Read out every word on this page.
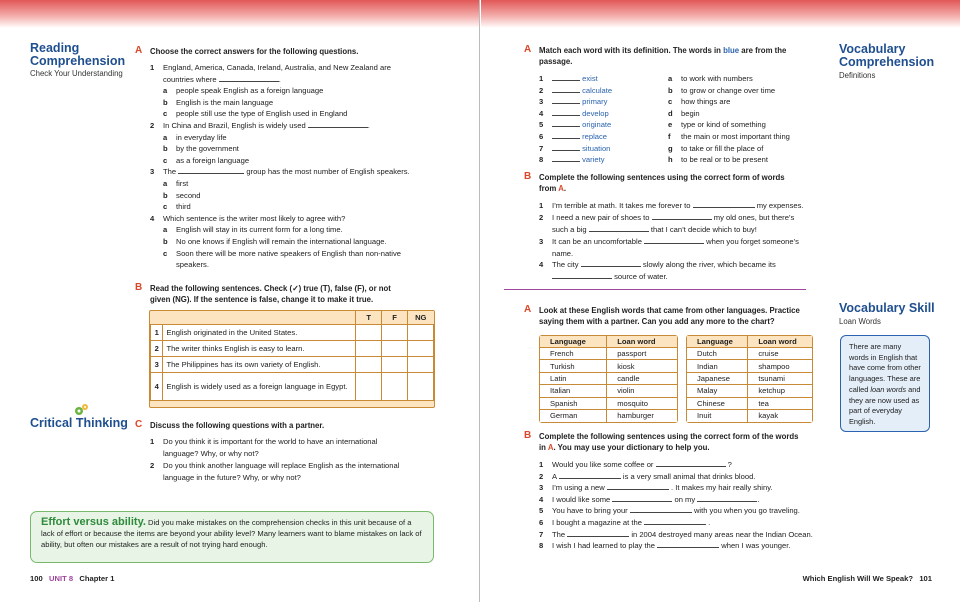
Reading
Comprehension
Check Your Understanding
A Choose the correct answers for the following questions.
1 England, America, Canada, Ireland, Australia, and New Zealand are
countries where	.
a people speak English as a foreign language
b English is the main language
c people still use the type of English used in England
2 In China and Brazil, English is widely used	.
a in everyday life
b by the government
c as a foreign language
3 The	group has the most number of English speakers.
a first
b second
c third
4 Which sentence is the writer most likely to agree with?
a English will stay in its current form for a long time.
b No one knows if English will remain the international language.
c Soon there will be more native speakers of English than non-native
speakers.
B Read the following sentences. Check (✓) true (T), false (F), or not
given (NG). If the sentence is false, change it to make it true.
		T	F	NG
1	English originated in the United States.			
2	The writer thinks English is easy to learn.			
3	The Philippines has its own variety of English.			
4	English is widely used as a foreign language in Egypt.			
Critical Thinking C Discuss the following questions with a partner.
1 Do you think it is important for the world to have an international
language? Why, or why not?
2 Do you think another language will replace English as the international
language in the future? Why, or why not?
Effort versus ability. Did you make mistakes on the comprehension checks in this unit because of a lack of effort or because the items are beyond your ability level? Many learners want to blame mistakes on lack of ability, but often our mistakes are a result of not trying hard enough.
100 UNIT 8 Chapter 1
Vocabulary
Comprehension
Definitions
A Match each word with its definition. The words in blue are from the
passage.
1	exist	a to work with numbers
2	calculate	b to grow or change over time
3	primary	c how things are
4	develop	d begin
5	originate	e type or kind of something
6	replace	f the main or most important thing
7	situation	g to take or fill the place of
8	variety	h to be real or to be present
B Complete the following sentences using the correct form of words
from A.
1 I’m terrible at math. It takes me forever to	my expenses.
2 I need a new pair of shoes to	my old ones, but there’s
such a big	that I can’t decide which to buy!
3 It can be an uncomfortable	when you forget someone’s
name.
4 The city	slowly along the river, which became its
source of water.
Vocabulary Skill
Loan Words
A Look at these English words that came from other languages. Practice
saying them with a partner. Can you add any more to the chart?
Language	Loan word
French	passport
Turkish	kiosk
Latin	candle
Italian	violin
Spanish	mosquito
German	hamburger
Language	Loan word
Dutch	cruise
Indian	shampoo
Japanese	tsunami
Malay	ketchup
Chinese	tea
Inuit	kayak
There are many words in English that have come from other languages. These are called loan words and they are now used as part of everyday English.
B Complete the following sentences using the correct form of the words
in A. You may use your dictionary to help you.
1 Would you like some coffee or	?
2 A	is a very small animal that drinks blood.
3 I’m using a new	. It makes my hair really shiny.
4 I would like some	on my	.
5 You have to bring your	with you when you go traveling.
6 I bought a magazine at the	.
7 The	in 2004 destroyed many areas near the Indian Ocean.
8 I wish I had learned to play the	when I was younger.
Which English Will We Speak? 101
